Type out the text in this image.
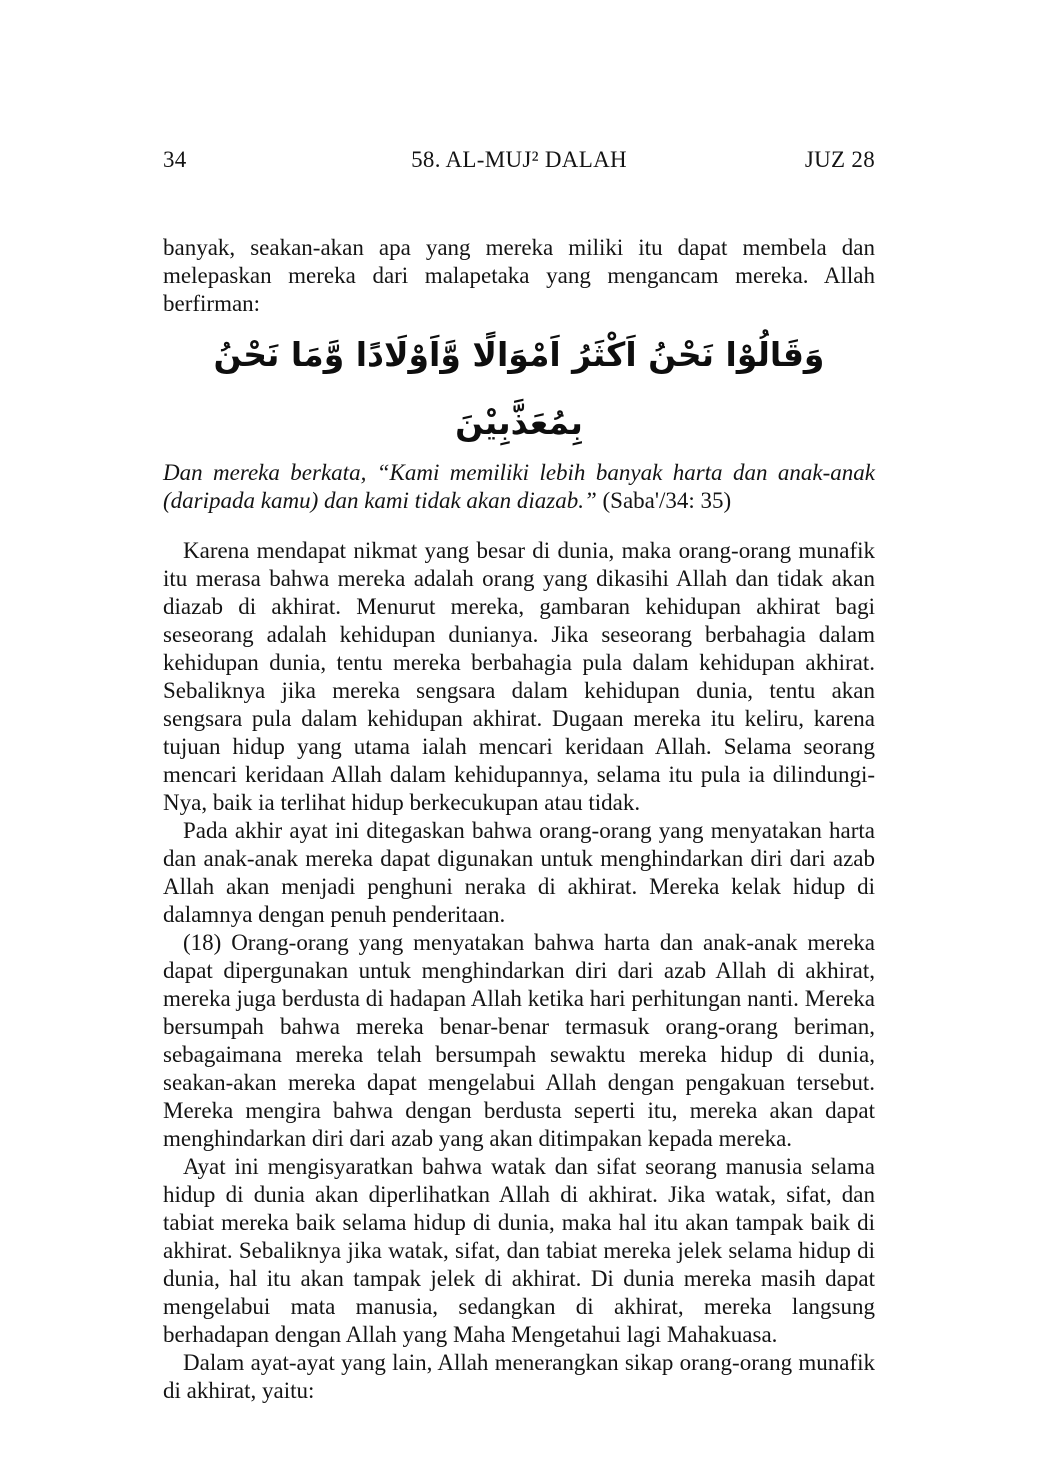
34	58. AL-MUJ² DALAH	JUZ 28

banyak, seakan-akan apa yang mereka miliki itu dapat membela dan melepaskan mereka dari malapetaka yang mengancam mereka. Allah berfirman:

وَقَالُوْا نَحْنُ اَكْثَرُ اَمْوَالًا وَّاَوْلَادًا وَّمَا نَحْنُ بِمُعَذَّبِيْنَ

Dan mereka berkata, “Kami memiliki lebih banyak harta dan anak-anak (daripada kamu) dan kami tidak akan diazab.” (Saba'/34: 35)

Karena mendapat nikmat yang besar di dunia, maka orang-orang munafik itu merasa bahwa mereka adalah orang yang dikasihi Allah dan tidak akan diazab di akhirat. Menurut mereka, gambaran kehidupan akhirat bagi seseorang adalah kehidupan dunianya. Jika seseorang berbahagia dalam kehidupan dunia, tentu mereka berbahagia pula dalam kehidupan akhirat. Sebaliknya jika mereka sengsara dalam kehidupan dunia, tentu akan sengsara pula dalam kehidupan akhirat. Dugaan mereka itu keliru, karena tujuan hidup yang utama ialah mencari keridaan Allah. Selama seorang mencari keridaan Allah dalam kehidupannya, selama itu pula ia dilindungi-Nya, baik ia terlihat hidup berkecukupan atau tidak.

Pada akhir ayat ini ditegaskan bahwa orang-orang yang menyatakan harta dan anak-anak mereka dapat digunakan untuk menghindarkan diri dari azab Allah akan menjadi penghuni neraka di akhirat. Mereka kelak hidup di dalamnya dengan penuh penderitaan.

(18) Orang-orang yang menyatakan bahwa harta dan anak-anak mereka dapat dipergunakan untuk menghindarkan diri dari azab Allah di akhirat, mereka juga berdusta di hadapan Allah ketika hari perhitungan nanti. Mereka bersumpah bahwa mereka benar-benar termasuk orang-orang beriman, sebagaimana mereka telah bersumpah sewaktu mereka hidup di dunia, seakan-akan mereka dapat mengelabui Allah dengan pengakuan tersebut. Mereka mengira bahwa dengan berdusta seperti itu, mereka akan dapat menghindarkan diri dari azab yang akan ditimpakan kepada mereka.

Ayat ini mengisyaratkan bahwa watak dan sifat seorang manusia selama hidup di dunia akan diperlihatkan Allah di akhirat. Jika watak, sifat, dan tabiat mereka baik selama hidup di dunia, maka hal itu akan tampak baik di akhirat. Sebaliknya jika watak, sifat, dan tabiat mereka jelek selama hidup di dunia, hal itu akan tampak jelek di akhirat. Di dunia mereka masih dapat mengelabui mata manusia, sedangkan di akhirat, mereka langsung berhadapan dengan Allah yang Maha Mengetahui lagi Mahakuasa.

Dalam ayat-ayat yang lain, Allah menerangkan sikap orang-orang munafik di akhirat, yaitu:
